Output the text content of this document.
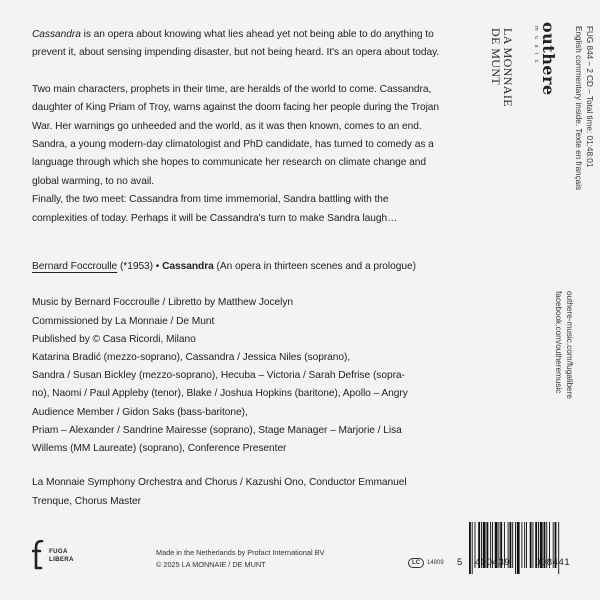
Cassandra is an opera about knowing what lies ahead yet not being able to do anything to prevent it, about sensing impending disaster, but not being heard. It's an opera about today.

Two main characters, prophets in their time, are heralds of the world to come. Cassandra, daughter of King Priam of Troy, warns against the doom facing her people during the Trojan War. Her warnings go unheeded and the world, as it was then known, comes to an end.

Sandra, a young modern-day climatologist and PhD candidate, has turned to comedy as a language through which she hopes to communicate her research on climate change and global warming, to no avail.

Finally, the two meet: Cassandra from time immemorial, Sandra battling with the complexities of today. Perhaps it will be Cassandra's turn to make Sandra laugh…

Bernard Foccroulle (*1953) • Cassandra (An opera in thirteen scenes and a prologue)
Music by Bernard Foccroulle / Libretto by Matthew Jocelyn
Commissioned by La Monnaie / De Munt
Published by © Casa Ricordi, Milano
Katarina Bradić (mezzo-soprano), Cassandra / Jessica Niles (soprano),
Sandra / Susan Bickley (mezzo-soprano), Hecuba – Victoria / Sarah Defrise (sopra-
no), Naomi / Paul Appleby (tenor), Blake / Joshua Hopkins (baritone), Apollo – Angry
Audience Member / Gidon Saks (bass-baritone),
Priam – Alexander / Sandrine Mairesse (soprano), Stage Manager – Marjorie / Lisa
Willems (MM Laureate) (soprano), Conference Presenter
La Monnaie Symphony Orchestra and Chorus / Kazushi Ono, Conductor Emmanuel
Trenque, Chorus Master
outhere
m u s i c
LA MONNAIE
DE MUNT	FUG 844 – 2 CD – Total time: 01:48:01
English commentary inside. Texte en français
outhere-music.com/fugalibere
facebook.com/outheremusic
FUGA
LIBERA
Made in the Netherlands by Profact International BV
© 2025 LA MONNAIE / DE MUNT	LC	14809 5 400439	008441
